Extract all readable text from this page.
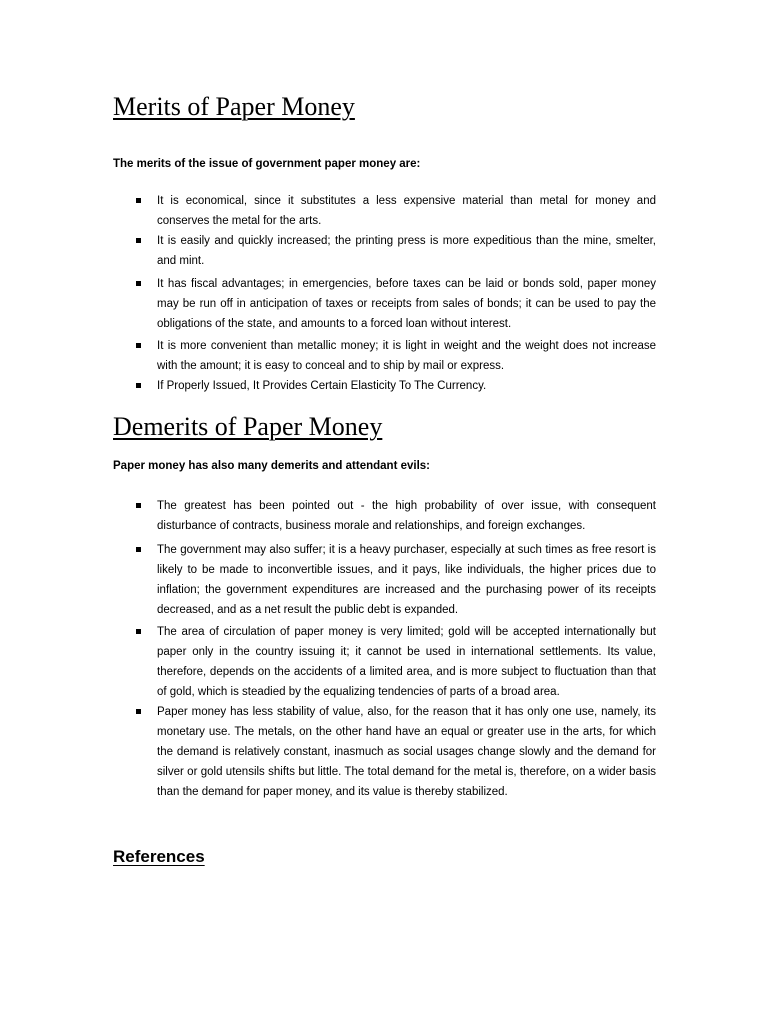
Merits of Paper Money

The merits of the issue of government paper money are:

It is economical, since it substitutes a less expensive material than metal for money and conserves the metal for the arts.
It is easily and quickly increased; the printing press is more expeditious than the mine, smelter, and mint.
It has fiscal advantages; in emergencies, before taxes can be laid or bonds sold, paper money may be run off in anticipation of taxes or receipts from sales of bonds; it can be used to pay the obligations of the state, and amounts to a forced loan without interest.
It is more convenient than metallic money; it is light in weight and the weight does not increase with the amount; it is easy to conceal and to ship by mail or express.
If Properly Issued, It Provides Certain Elasticity To The Currency.
Demerits of Paper Money

Paper money has also many demerits and attendant evils:

The greatest has been pointed out - the high probability of over issue, with consequent disturbance of contracts, business morale and relationships, and foreign exchanges.
The government may also suffer; it is a heavy purchaser, especially at such times as free resort is likely to be made to inconvertible issues, and it pays, like individuals, the higher prices due to inflation; the government expenditures are increased and the purchasing power of its receipts decreased, and as a net result the public debt is expanded.
The area of circulation of paper money is very limited; gold will be accepted internationally but paper only in the country issuing it; it cannot be used in international settlements. Its value, therefore, depends on the accidents of a limited area, and is more subject to fluctuation than that of gold, which is steadied by the equalizing tendencies of parts of a broad area.
Paper money has less stability of value, also, for the reason that it has only one use, namely, its monetary use. The metals, on the other hand have an equal or greater use in the arts, for which the demand is relatively constant, inasmuch as social usages change slowly and the demand for silver or gold utensils shifts but little. The total demand for the metal is, therefore, on a wider basis than the demand for paper money, and its value is thereby stabilized.
References
